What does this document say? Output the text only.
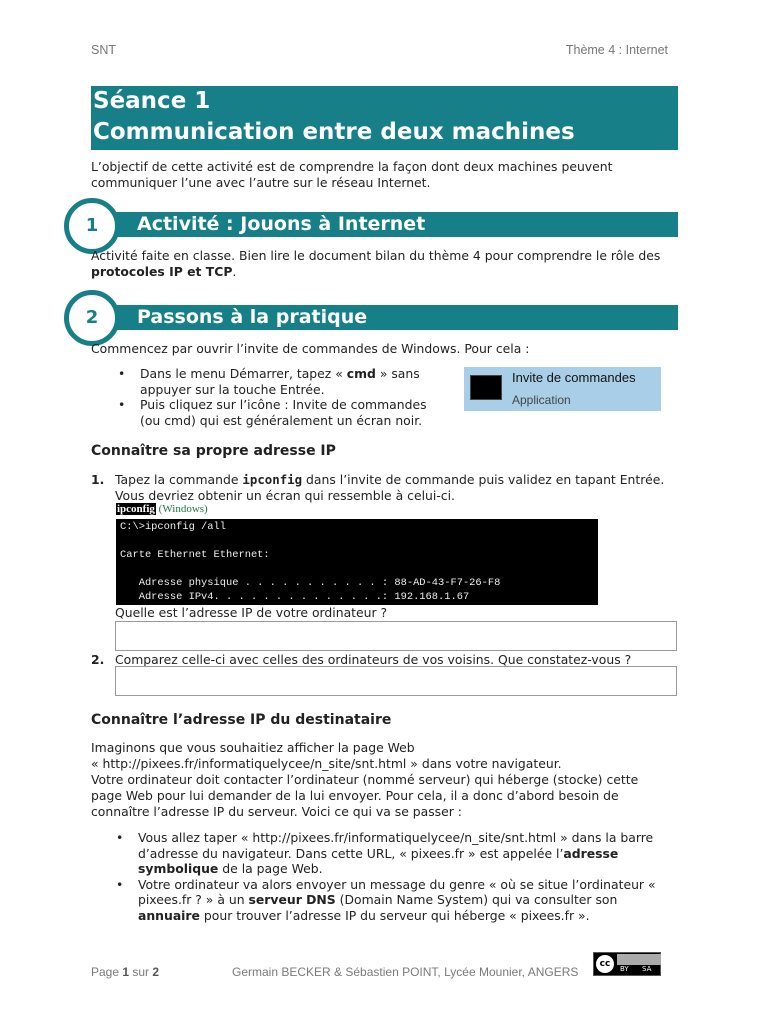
SNT	Thème 4 : Internet
Séance 1
Communication entre deux machines

L’objectif de cette activité est de comprendre la façon dont deux machines peuvent communiquer l’une avec l’autre sur le réseau Internet.

Activité : Jouons à Internet
1

Activité faite en classe. Bien lire le document bilan du thème 4 pour comprendre le rôle des protocoles IP et TCP.

Passons à la pratique
2

Commencez par ouvrir l’invite de commandes de Windows. Pour cela :

• Dans le menu Démarrer, tapez « cmd » sans appuyer sur la touche Entrée.
• Puis cliquez sur l’icône : Invite de commandes (ou cmd) qui est généralement un écran noir.
Invite de commandes
Application
Connaître sa propre adresse IP
1. Tapez la commande ipconfig dans l’invite de commande puis validez en tapant Entrée. Vous devriez obtenir un écran qui ressemble à celui-ci.

ipconfig (Windows)
C:\>ipconfig /all
Carte Ethernet Ethernet:
Adresse physique . . . . . . . . . . . : 88-AD-43-F7-26-F8
Adresse IPv4. . . . . . . . . . . . . .: 192.168.1.67

Quelle est l’adresse IP de votre ordinateur ?

2. Comparez celle-ci avec celles des ordinateurs de vos voisins. Que constatez-vous ?

Connaître l’adresse IP du destinataire

Imaginons que vous souhaitiez afficher la page Web

« http://pixees.fr/informatiquelycee/n_site/snt.html » dans votre navigateur.

Votre ordinateur doit contacter l’ordinateur (nommé serveur) qui héberge (stocke) cette page Web pour lui demander de la lui envoyer. Pour cela, il a donc d’abord besoin de connaître l’adresse IP du serveur. Voici ce qui va se passer :

• Vous allez taper « http://pixees.fr/informatiquelycee/n_site/snt.html » dans la barre d’adresse du navigateur. Dans cette URL, « pixees.fr » est appelée l’adresse symbolique de la page Web.
• Votre ordinateur va alors envoyer un message du genre « où se situe l’ordinateur « pixees.fr ? » à un serveur DNS (Domain Name System) qui va consulter son annuaire pour trouver l’adresse IP du serveur qui héberge « pixees.fr ».
Page 1 sur 2	Germain BECKER & Sébastien POINT, Lycée Mounier, ANGERS
cc	BY SA
